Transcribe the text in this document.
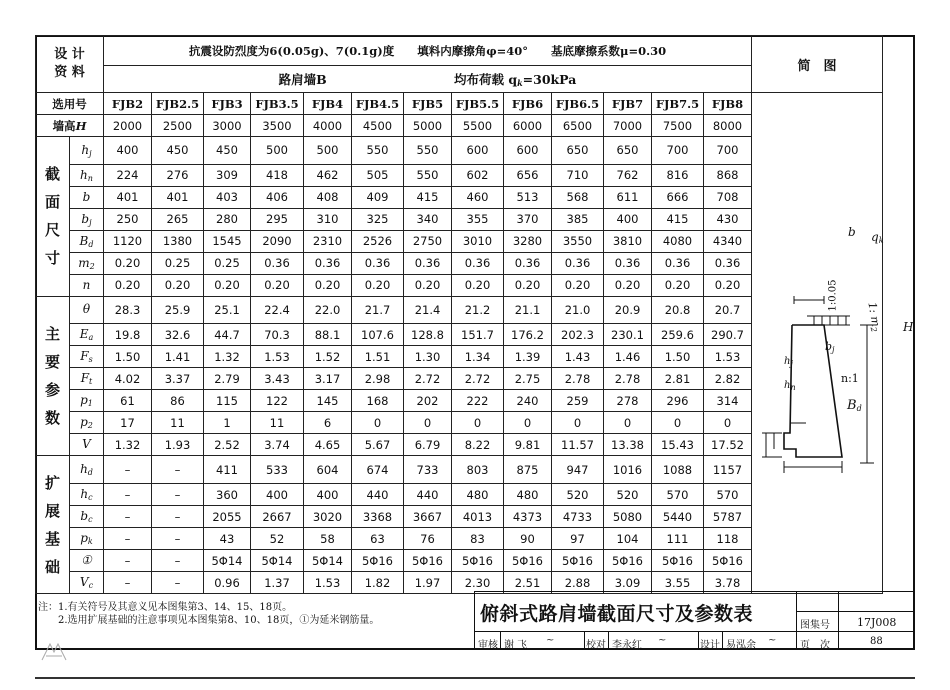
设 计
资 料		抗震设防烈度为6(0.05g)、7(0.1g)度　　填料内摩擦角φ=40°　　基底摩擦系数μ=0.30													简　图
		路肩墙B 均布荷载 $q_k=30kPa$													
选用号		FJB2	FJB2.5	FJB3	FJB3.5	FJB4	FJB4.5	FJB5	FJB5.5	FJB6	FJB6.5	FJB7	FJB7.5	FJB8	

墙高H		2000	2500	3000	3500	4000	4500	5000	5500	6000	6500	7000	7500	8000	
截
面
尺
寸	$h_j$	400	450	450	500	500	550	550	600	600	650	650	700	700	
	$h_n$	224	276	309	418	462	505	550	602	656	710	762	816	868	
	b	401	401	403	406	408	409	415	460	513	568	611	666	708	
	$b_j$	250	265	280	295	310	325	340	355	370	385	400	415	430	
	$B_d$	1120	1380	1545	2090	2310	2526	2750	3010	3280	3550	3810	4080	4340	
	$m_2$	0.20	0.25	0.25	0.36	0.36	0.36	0.36	0.36	0.36	0.36	0.36	0.36	0.36	
	n	0.20	0.20	0.20	0.20	0.20	0.20	0.20	0.20	0.20	0.20	0.20	0.20	0.20	
主
要
参
数	θ	28.3	25.9	25.1	22.4	22.0	21.7	21.4	21.2	21.1	21.0	20.9	20.8	20.7	
	$E_a$	19.8	32.6	44.7	70.3	88.1	107.6	128.8	151.7	176.2	202.3	230.1	259.6	290.7	
	$F_s$	1.50	1.41	1.32	1.53	1.52	1.51	1.30	1.34	1.39	1.43	1.46	1.50	1.53	
	$F_t$	4.02	3.37	2.79	3.43	3.17	2.98	2.72	2.72	2.75	2.78	2.78	2.81	2.82	
	$p_1$	61	86	115	122	145	168	202	222	240	259	278	296	314	
	$p_2$	17	11	1	11	6	0	0	0	0	0	0	0	0	
	V	1.32	1.93	2.52	3.74	4.65	5.67	6.79	8.22	9.81	11.57	13.38	15.43	17.52	
扩
展
基
础	$h_d$	–	–	411	533	604	674	733	803	875	947	1016	1088	1157	
	$h_c$	–	–	360	400	400	440	440	480	480	520	520	570	570	
	$b_c$	–	–	2055	2667	3020	3368	3667	4013	4373	4733	5080	5440	5787	
	$p_k$	–	–	43	52	58	63	76	83	90	97	104	111	118	
	①	–	–	5Φ14	5Φ14	5Φ14	5Φ16	5Φ16	5Φ16	5Φ16	5Φ16	5Φ16	5Φ16	5Φ16	
	$V_c$	–	–	0.96	1.37	1.53	1.82	1.97	2.30	2.51	2.88	3.09	3.55	3.78	
b $q_k$
1:0.05
1: $m_2$	H
$b_j$
$h_j$
$h_n$
n:1
$B_d$
注：1.有关符号及其意义见本图集第3、14、15、18页。
　　2.选用扩展基础的注意事项见本图集第8、10、18页，①为延米钢筋量。	俯斜式路肩墙截面尺寸及参数表
图集号 17J008
页　次	88
审核 谢 飞 ~	校对 李永红 ~	设计 易泓余 ~
